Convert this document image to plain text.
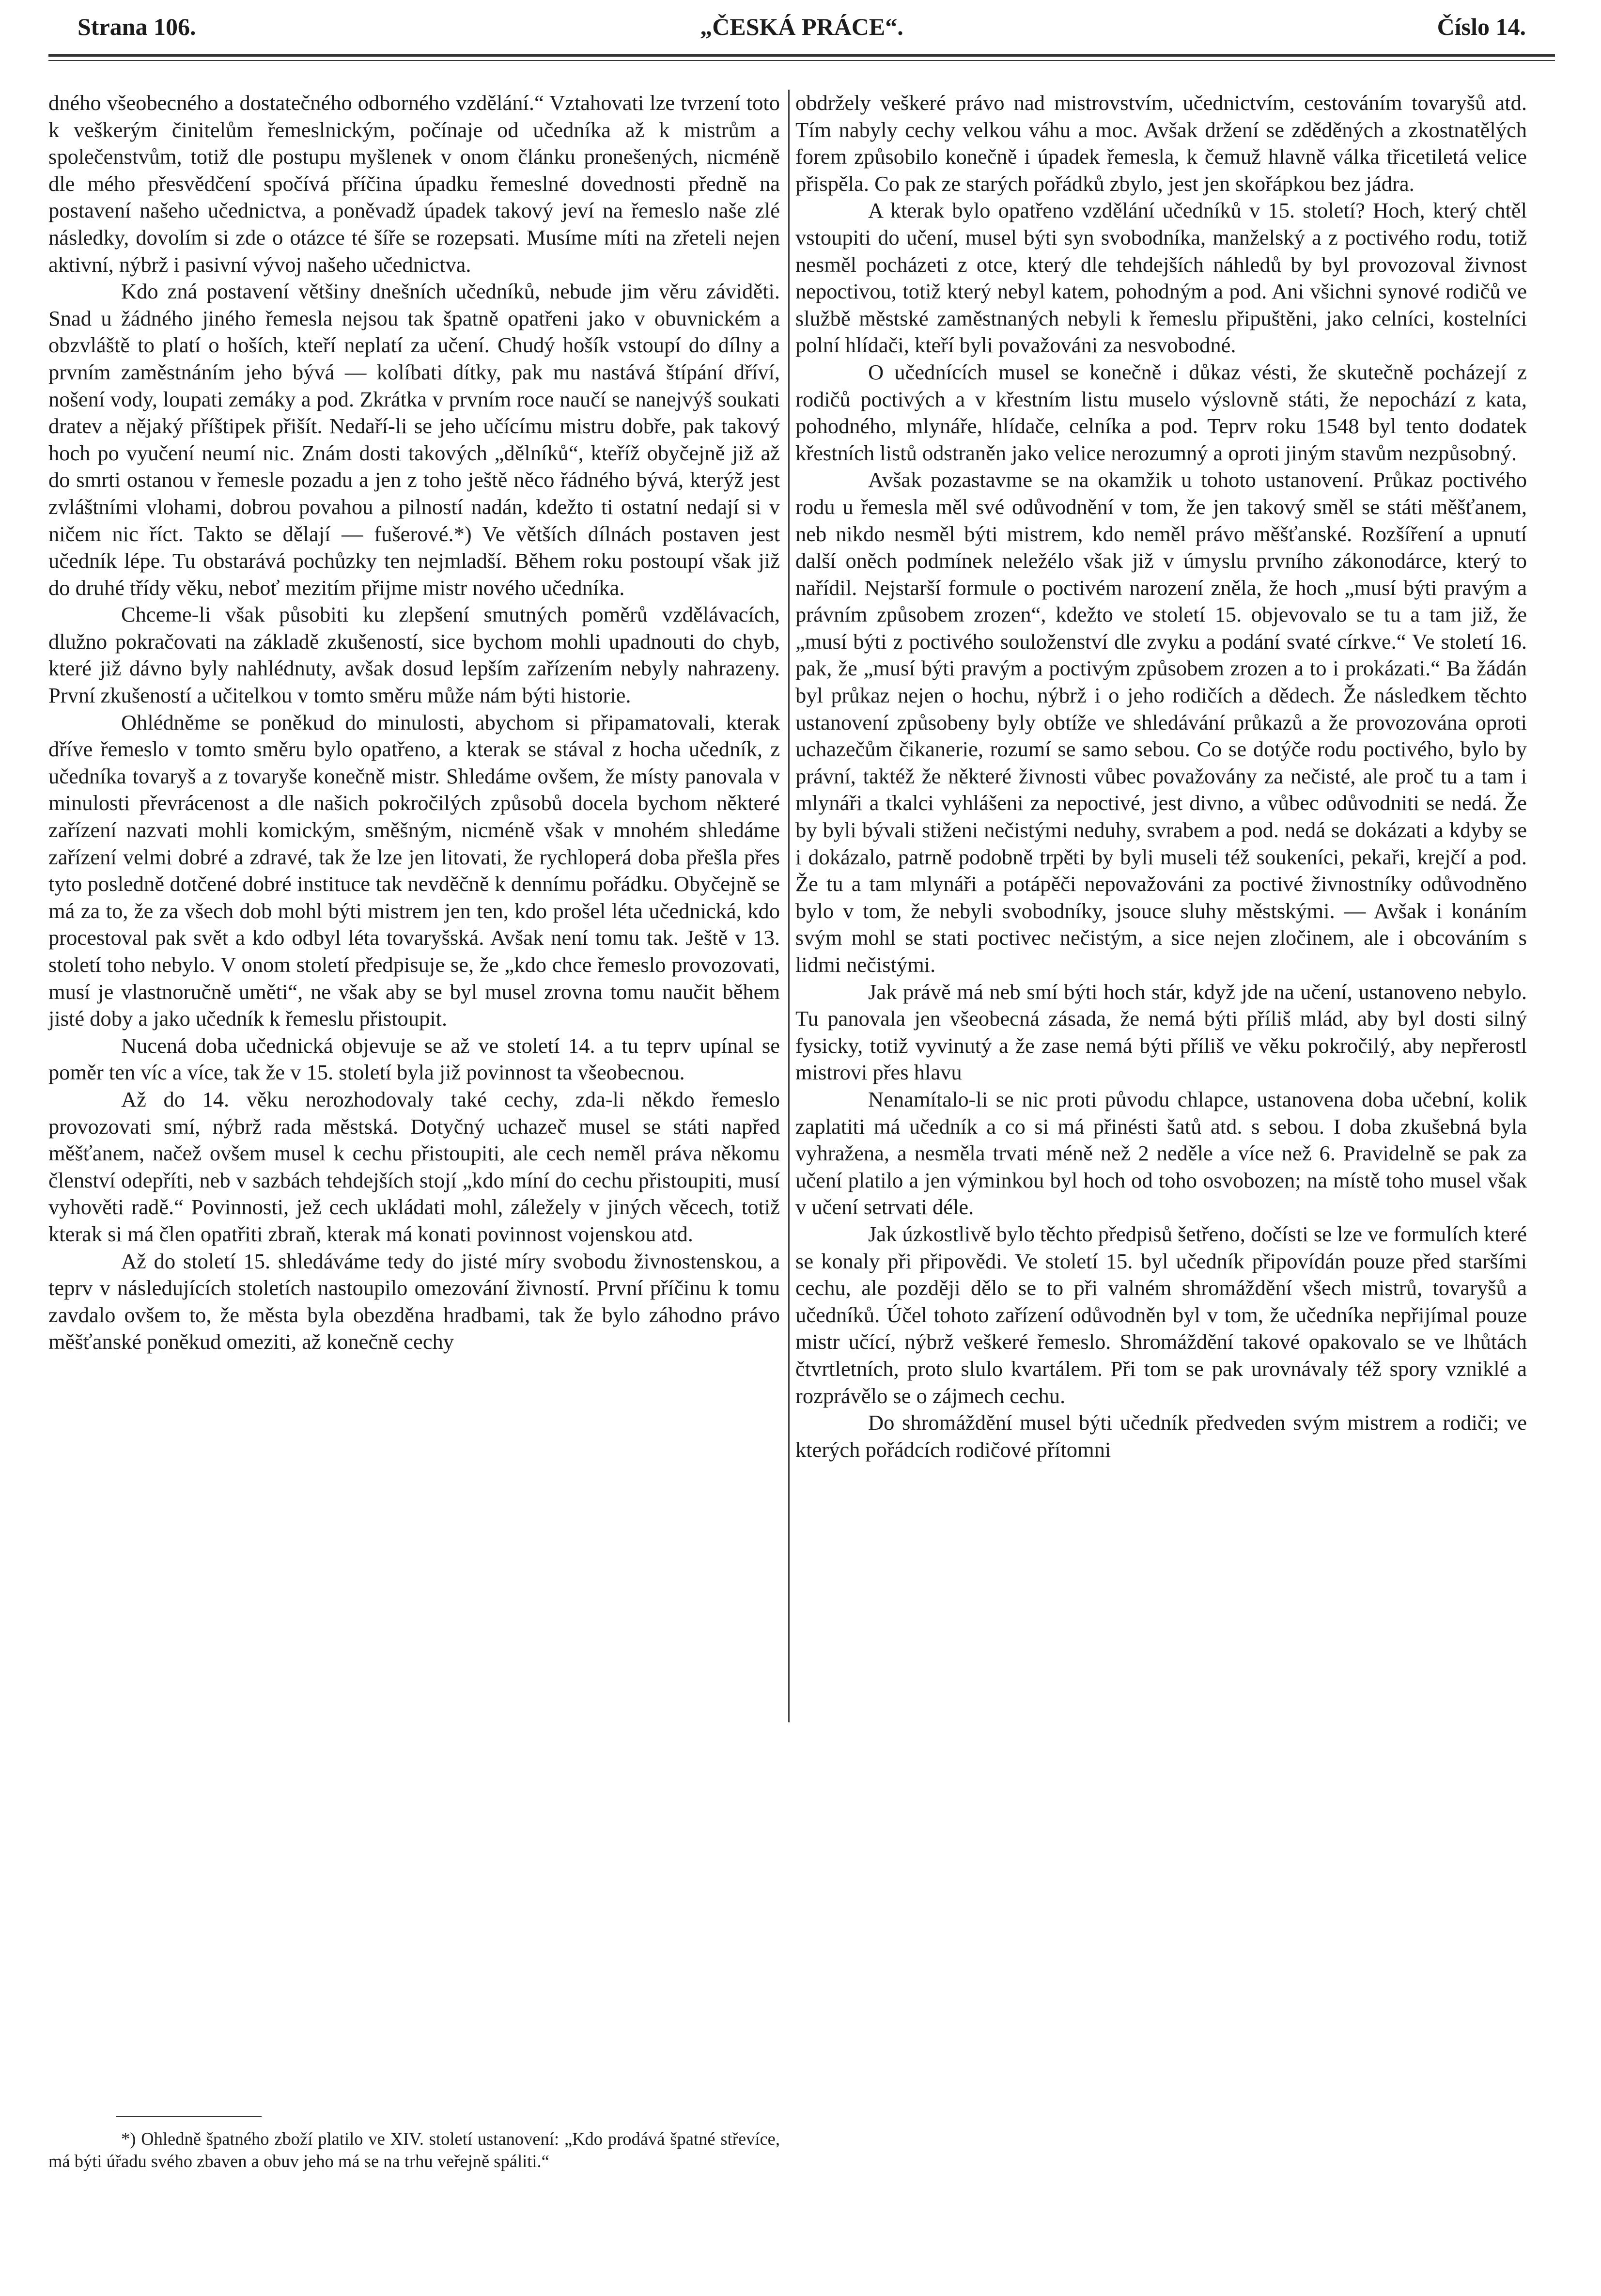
„ČESKÁ PRÁCE“.
Strana 106.	Číslo 14.

dného všeobecného a dostatečného odborného vzdělání.“ Vztahovati lze tvrzení toto k veškerým činitelům řemeslnickým, počínaje od učedníka až k mistrům a společenstvům, totiž dle postupu myšlenek v onom článku pronešených, nicméně dle mého přesvědčení spočívá příčina úpadku řemeslné dovednosti předně na postavení našeho učednictva, a poněvadž úpadek takový jeví na řemeslo naše zlé následky, dovolím si zde o otázce té šíře se rozepsati. Musíme míti na zřeteli nejen aktivní, nýbrž i pasivní vývoj našeho učednictva.

Kdo zná postavení většiny dnešních učedníků, nebude jim věru záviděti. Snad u žádného jiného řemesla nejsou tak špatně opatřeni jako v obuvnickém a obzvláště to platí o hoších, kteří neplatí za učení. Chudý hošík vstoupí do dílny a prvním zaměstnáním jeho bývá — kolíbati dítky, pak mu nastává štípání dříví, nošení vody, loupati zemáky a pod. Zkrátka v prvním roce naučí se nanejvýš soukati dratev a nějaký příštipek přišít. Nedaří-li se jeho učícímu mistru dobře, pak takový hoch po vyučení neumí nic. Znám dosti takových „dělníků“, kteříž obyčejně již až do smrti ostanou v řemesle pozadu a jen z toho ještě něco řádného bývá, kterýž jest zvláštními vlohami, dobrou povahou a pilností nadán, kdežto ti ostatní nedají si v ničem nic říct. Takto se dělají — fušerové.*) Ve větších dílnách postaven jest učedník lépe. Tu obstarává pochůzky ten nejmladší. Během roku postoupí však již do druhé třídy věku, neboť mezitím přijme mistr nového učedníka.

Chceme-li však působiti ku zlepšení smutných poměrů vzdělávacích, dlužno pokračovati na základě zkušeností, sice bychom mohli upadnouti do chyb, které již dávno byly nahlédnuty, avšak dosud lepším zařízením nebyly nahrazeny. První zkušeností a učitelkou v tomto směru může nám býti historie.

Ohlédněme se poněkud do minulosti, abychom si připamatovali, kterak dříve řemeslo v tomto směru bylo opatřeno, a kterak se stával z hocha učedník, z učedníka tovaryš a z tovaryše konečně mistr. Shledáme ovšem, že místy panovala v minulosti převrácenost a dle našich pokročilých způsobů docela bychom některé zařízení nazvati mohli komickým, směšným, nicméně však v mnohém shledáme zařízení velmi dobré a zdravé, tak že lze jen litovati, že rychloperá doba přešla přes tyto posledně dotčené dobré instituce tak nevděčně k dennímu pořádku. Obyčejně se má za to, že za všech dob mohl býti mistrem jen ten, kdo prošel léta učednická, kdo procestoval pak svět a kdo odbyl léta tovaryšská. Avšak není tomu tak. Ještě v 13. století toho nebylo. V onom století předpisuje se, že „kdo chce řemeslo provozovati, musí je vlastnoručně uměti“, ne však aby se byl musel zrovna tomu naučit během jisté doby a jako učedník k řemeslu přistoupit.

Nucená doba učednická objevuje se až ve století 14. a tu teprv upínal se poměr ten víc a více, tak že v 15. století byla již povinnost ta všeobecnou.

Až do 14. věku nerozhodovaly také cechy, zda-li někdo řemeslo provozovati smí, nýbrž rada městská. Dotyčný uchazeč musel se státi napřed měšťanem, načež ovšem musel k cechu přistoupiti, ale cech neměl práva někomu členství odepříti, neb v sazbách tehdejších stojí „kdo míní do cechu přistoupiti, musí vyhověti radě.“ Povinnosti, jež cech ukládati mohl, záležely v jiných věcech, totiž kterak si má člen opatřiti zbraň, kterak má konati povinnost vojenskou atd.

Až do století 15. shledáváme tedy do jisté míry svobodu živnostenskou, a teprv v následujících stoletích nastoupilo omezování živností. První příčinu k tomu zavdalo ovšem to, že města byla obezděna hradbami, tak že bylo záhodno právo měšťanské poněkud omeziti, až konečně cechy

obdržely veškeré právo nad mistrovstvím, učednictvím, cestováním tovaryšů atd. Tím nabyly cechy velkou váhu a moc. Avšak držení se zděděných a zkostnatělých forem způsobilo konečně i úpadek řemesla, k čemuž hlavně válka třicetiletá velice přispěla. Co pak ze starých pořádků zbylo, jest jen skořápkou bez jádra.

A kterak bylo opatřeno vzdělání učedníků v 15. století? Hoch, který chtěl vstoupiti do učení, musel býti syn svobodníka, manželský a z poctivého rodu, totiž nesměl pocházeti z otce, který dle tehdejších náhledů by byl provozoval živnost nepoctivou, totiž který nebyl katem, pohodným a pod. Ani všichni synové rodičů ve službě městské zaměstnaných nebyli k řemeslu připuštěni, jako celníci, kostelníci polní hlídači, kteří byli považováni za nesvobodné.

O učednících musel se konečně i důkaz vésti, že skutečně pocházejí z rodičů poctivých a v křestním listu muselo výslovně státi, že nepochází z kata, pohodného, mlynáře, hlídače, celníka a pod. Teprv roku 1548 byl tento dodatek křestních listů odstraněn jako velice nerozumný a oproti jiným stavům nezpůsobný.

Avšak pozastavme se na okamžik u tohoto ustanovení. Průkaz poctivého rodu u řemesla měl své odůvodnění v tom, že jen takový směl se státi měšťanem, neb nikdo nesměl býti mistrem, kdo neměl právo měšťanské. Rozšíření a upnutí další oněch podmínek neležélo však již v úmyslu prvního zákonodárce, který to nařídil. Nejstarší formule o poctivém narození zněla, že hoch „musí býti pravým a právním způsobem zrozen“, kdežto ve století 15. objevovalo se tu a tam již, že „musí býti z poctivého souloženství dle zvyku a podání svaté církve.“ Ve století 16. pak, že „musí býti pravým a poctivým způsobem zrozen a to i prokázati.“ Ba žádán byl průkaz nejen o hochu, nýbrž i o jeho rodičích a dědech. Že následkem těchto ustanovení způsobeny byly obtíže ve shledávání průkazů a že provozována oproti uchazečům čikanerie, rozumí se samo sebou. Co se dotýče rodu poctivého, bylo by právní, taktéž že některé živnosti vůbec považovány za nečisté, ale proč tu a tam i mlynáři a tkalci vyhlášeni za nepoctivé, jest divno, a vůbec odůvodniti se nedá. Že by byli bývali stiženi nečistými neduhy, svrabem a pod. nedá se dokázati a kdyby se i dokázalo, patrně podobně trpěti by byli museli též soukeníci, pekaři, krejčí a pod. Že tu a tam mlynáři a potápěči nepovažováni za poctivé živnostníky odůvodněno bylo v tom, že nebyli svobodníky, jsouce sluhy městskými. — Avšak i konáním svým mohl se stati poctivec nečistým, a sice nejen zločinem, ale i obcováním s lidmi nečistými.

Jak právě má neb smí býti hoch stár, když jde na učení, ustanoveno nebylo. Tu panovala jen všeobecná zásada, že nemá býti příliš mlád, aby byl dosti silný fysicky, totiž vyvinutý a že zase nemá býti příliš ve věku pokročilý, aby nepřerostl mistrovi přes hlavu

Nenamítalo-li se nic proti původu chlapce, ustanovena doba učební, kolik zaplatiti má učedník a co si má přinésti šatů atd. s sebou. I doba zkušebná byla vyhražena, a nesměla trvati méně než 2 neděle a více než 6. Pravidelně se pak za učení platilo a jen výminkou byl hoch od toho osvobozen; na místě toho musel však v učení setrvati déle.

Jak úzkostlivě bylo těchto předpisů šetřeno, dočísti se lze ve formulích které se konaly při připovědi. Ve století 15. byl učedník připovídán pouze před staršími cechu, ale později dělo se to při valném shromáždění všech mistrů, tovaryšů a učedníků. Účel tohoto zařízení odůvodněn byl v tom, že učedníka nepřijímal pouze mistr učící, nýbrž veškeré řemeslo. Shromáždění takové opakovalo se ve lhůtách čtvrtletních, proto slulo kvartálem. Při tom se pak urovnávaly též spory vzniklé a rozprávělo se o zájmech cechu.

Do shromáždění musel býti učedník předveden svým mistrem a rodiči; ve kterých pořádcích rodičové přítomni

*) Ohledně špatného zboží platilo ve XIV. století ustanovení: „Kdo prodává špatné střevíce, má býti úřadu svého zbaven a obuv jeho má se na trhu veřejně spáliti.“
